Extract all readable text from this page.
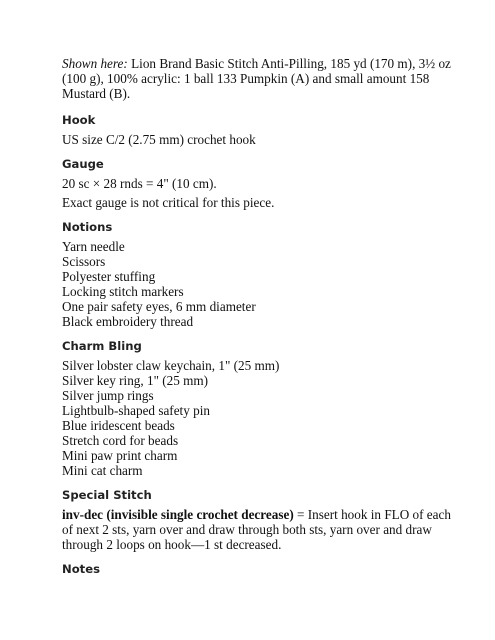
Shown here: Lion Brand Basic Stitch Anti-Pilling, 185 yd (170 m), 3½ oz
(100 g), 100% acrylic: 1 ball 133 Pumpkin (A) and small amount 158
Mustard (B).

Hook

US size C/2 (2.75 mm) crochet hook

Gauge

20 sc × 28 rnds = 4" (10 cm).

Exact gauge is not critical for this piece.

Notions
Yarn needle
Scissors
Polyester stuffing
Locking stitch markers
One pair safety eyes, 6 mm diameter
Black embroidery thread
Charm Bling
Silver lobster claw keychain, 1" (25 mm)
Silver key ring, 1" (25 mm)
Silver jump rings
Lightbulb-shaped safety pin
Blue iridescent beads
Stretch cord for beads
Mini paw print charm
Mini cat charm
Special Stitch

inv-dec (invisible single crochet decrease) = Insert hook in FLO of each
of next 2 sts, yarn over and draw through both sts, yarn over and draw
through 2 loops on hook—1 st decreased.

Notes
